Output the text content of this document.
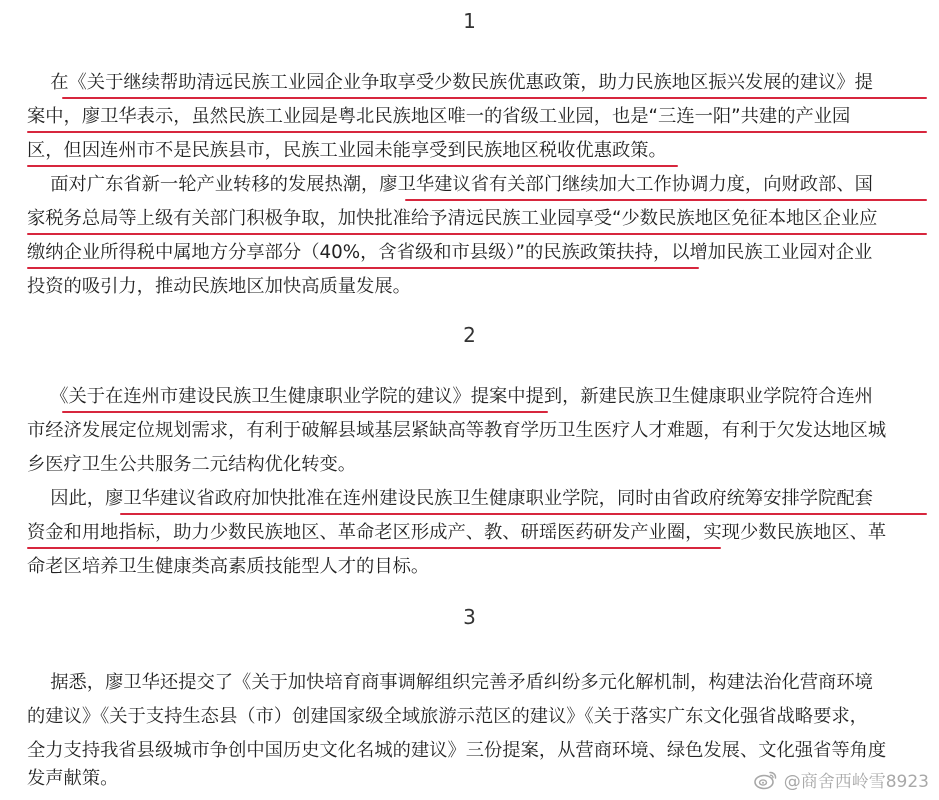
1
在《关于继续帮助清远民族工业园企业争取享受少数民族优惠政策，助力民族地区振兴发展的建议》提
案中，廖卫华表示，虽然民族工业园是粤北民族地区唯一的省级工业园，也是“三连一阳”共建的产业园
区，但因连州市不是民族县市，民族工业园未能享受到民族地区税收优惠政策。
面对广东省新一轮产业转移的发展热潮，廖卫华建议省有关部门继续加大工作协调力度，向财政部、国
家税务总局等上级有关部门积极争取，加快批准给予清远民族工业园享受“少数民族地区免征本地区企业应
缴纳企业所得税中属地方分享部分（40%，含省级和市县级）”的民族政策扶持，以增加民族工业园对企业
投资的吸引力，推动民族地区加快高质量发展。
2
《关于在连州市建设民族卫生健康职业学院的建议》提案中提到，新建民族卫生健康职业学院符合连州
市经济发展定位规划需求，有利于破解县域基层紧缺高等教育学历卫生医疗人才难题，有利于欠发达地区城
乡医疗卫生公共服务二元结构优化转变。
因此，廖卫华建议省政府加快批准在连州建设民族卫生健康职业学院，同时由省政府统筹安排学院配套
资金和用地指标，助力少数民族地区、革命老区形成产、教、研瑶医药研发产业圈，实现少数民族地区、革
命老区培养卫生健康类高素质技能型人才的目标。
3
据悉，廖卫华还提交了《关于加快培育商事调解组织完善矛盾纠纷多元化解机制，构建法治化营商环境
的建议》《关于支持生态县（市）创建国家级全域旅游示范区的建议》《关于落实广东文化强省战略要求，
全力支持我省县级城市争创中国历史文化名城的建议》三份提案，从营商环境、绿色发展、文化强省等角度
发声献策。	@商舍西岭雪8923
